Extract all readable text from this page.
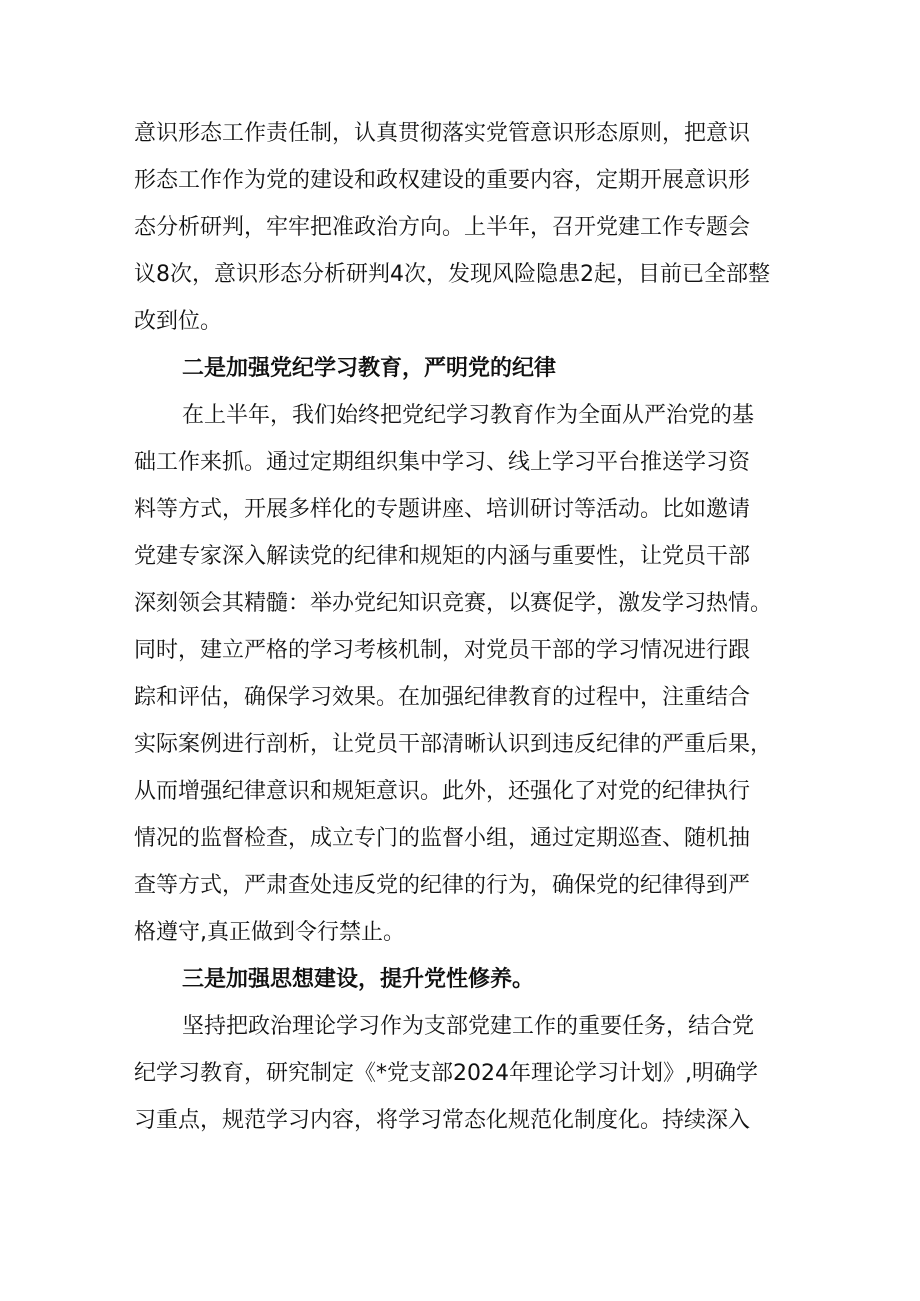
意识形态工作责任制，认真贯彻落实党管意识形态原则，把意识
形态工作作为党的建设和政权建设的重要内容，定期开展意识形
态分析研判，牢牢把准政治方向。上半年，召开党建工作专题会
议8次，意识形态分析研判4次，发现风险隐患2起，目前已全部整
改到位。
二是加强党纪学习教育，严明党的纪律
在上半年，我们始终把党纪学习教育作为全面从严治党的基
础工作来抓。通过定期组织集中学习、线上学习平台推送学习资
料等方式，开展多样化的专题讲座、培训研讨等活动。比如邀请
党建专家深入解读党的纪律和规矩的内涵与重要性，让党员干部
深刻领会其精髓：举办党纪知识竞赛，以赛促学，激发学习热情。
同时，建立严格的学习考核机制，对党员干部的学习情况进行跟
踪和评估，确保学习效果。在加强纪律教育的过程中，注重结合
实际案例进行剖析，让党员干部清晰认识到违反纪律的严重后果，
从而增强纪律意识和规矩意识。此外，还强化了对党的纪律执行
情况的监督检查，成立专门的监督小组，通过定期巡查、随机抽
查等方式，严肃查处违反党的纪律的行为，确保党的纪律得到严
格遵守,真正做到令行禁止。
三是加强思想建设，提升党性修养。
坚持把政治理论学习作为支部党建工作的重要任务，结合党
纪学习教育，研究制定《*党支部2024年理论学习计划》,明确学
习重点，规范学习内容，将学习常态化规范化制度化。持续深入
